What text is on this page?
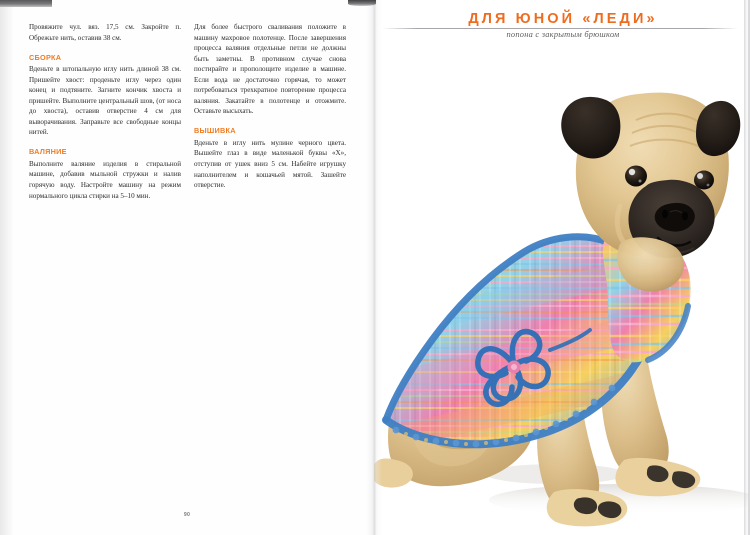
Провяжите чул. вяз. 17,5 см. Закройте п. Обрежьте нить, оставив 38 см.

СБОРКА

Вденьте в штопальную иглу нить длиной 38 см. Пришейте хвост: проденьте иглу через один конец и подтяните. Загните кончик хвоста и пришейте. Выполните центральный шов, (от носа до хвоста), оставив отверстие 4 см для выворачивания. Заправьте все свободные концы нитей.

ВАЛЯНИЕ

Выполните валяние изделия в стиральной машине, добавив мыльной стружки и налив горячую воду. Настройте машину на режим нормального цикла стирки на 5–10 мин.

Для более быстрого сваливания положите в машину махровое полотенце. После завершения процесса валяния отдельные петли не должны быть заметны. В противном случае снова постирайте и прополощите изделие в машине. Если вода не достаточно горячая, то может потребоваться трехкратное повторение процесса валяния. Закатайте в полотенце и отожмите. Оставьте высыхать.

ВЫШИВКА

Вденьте в иглу нить мулине черного цвета. Вышейте глаз в виде маленькой буквы «Х», отступив от ушек вниз 5 см. Набейте игрушку наполнителем и кошачьей мятой. Зашейте отверстие.

90
ДЛЯ ЮНОЙ «ЛЕДИ»
попона с закрытым брюшком
